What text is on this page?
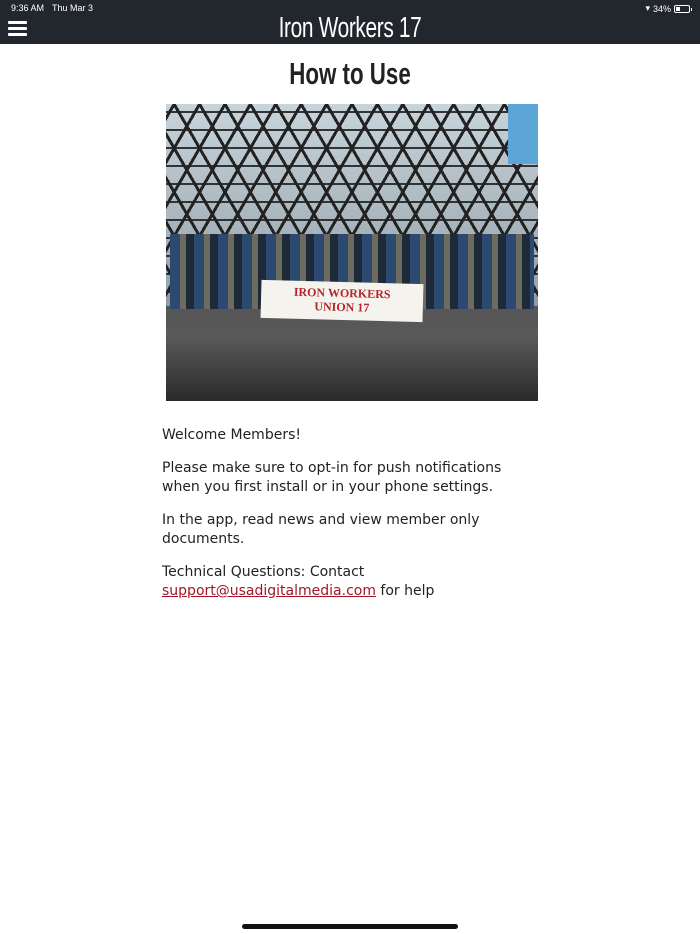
9:36 AM Thu Mar 3	▾ 34%
Iron Workers 17
How to Use
IRON WORKERS
UNION 17

Welcome Members!

Please make sure to opt-in for push notifications when you first install or in your phone settings.

In the app, read news and view member only documents.

Technical Questions: Contact
support@usadigitalmedia.com for help
